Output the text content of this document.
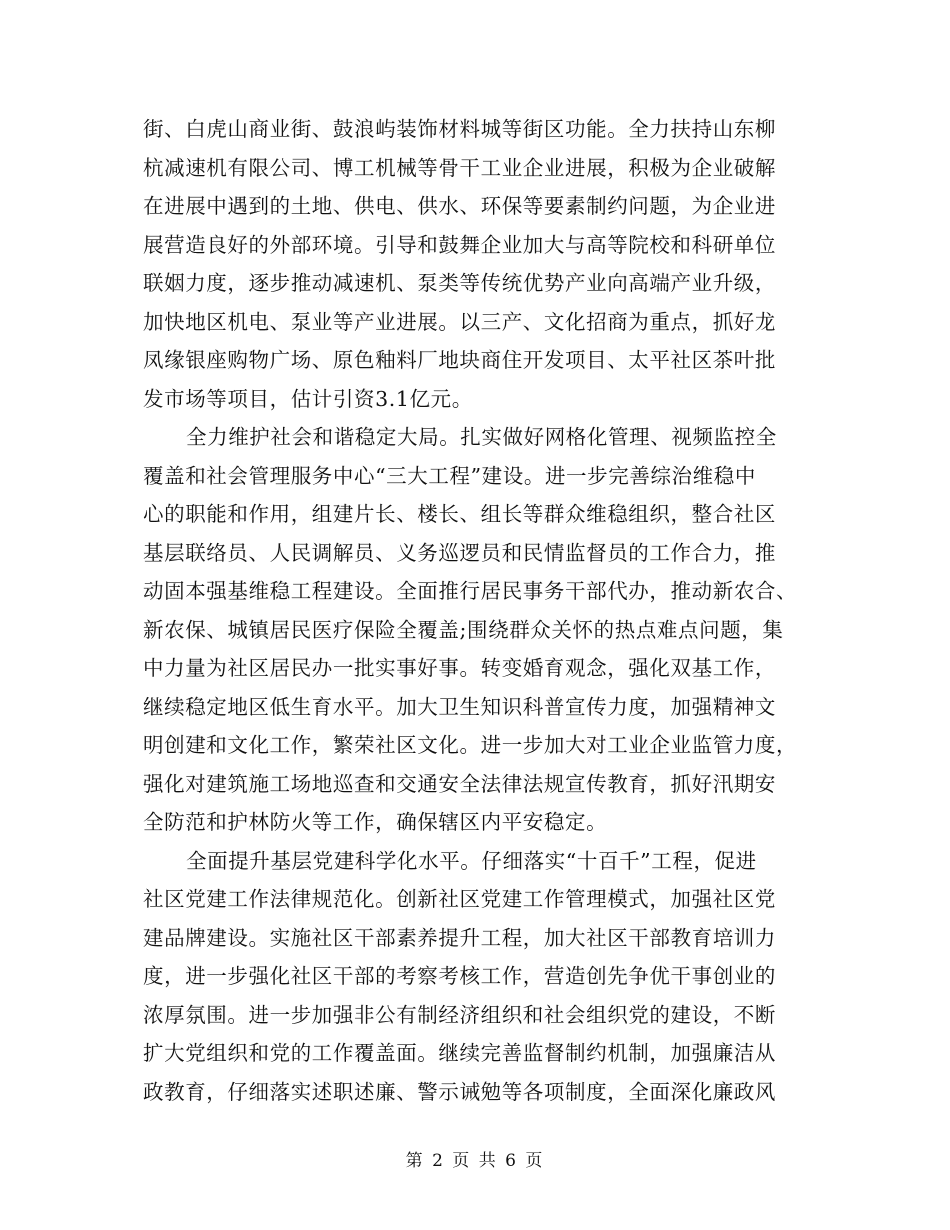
街、白虎山商业街、鼓浪屿装饰材料城等街区功能。全力扶持山东柳
杭减速机有限公司、博工机械等骨干工业企业进展，积极为企业破解
在进展中遇到的土地、供电、供水、环保等要素制约问题，为企业进
展营造良好的外部环境。引导和鼓舞企业加大与高等院校和科研单位
联姻力度，逐步推动减速机、泵类等传统优势产业向高端产业升级，
加快地区机电、泵业等产业进展。以三产、文化招商为重点，抓好龙
凤缘银座购物广场、原色釉料厂地块商住开发项目、太平社区茶叶批
发市场等项目，估计引资3.1亿元。
全力维护社会和谐稳定大局。扎实做好网格化管理、视频监控全
覆盖和社会管理服务中心“三大工程”建设。进一步完善综治维稳中
心的职能和作用，组建片长、楼长、组长等群众维稳组织，整合社区
基层联络员、人民调解员、义务巡逻员和民情监督员的工作合力，推
动固本强基维稳工程建设。全面推行居民事务干部代办，推动新农合、
新农保、城镇居民医疗保险全覆盖;围绕群众关怀的热点难点问题，集
中力量为社区居民办一批实事好事。转变婚育观念，强化双基工作，
继续稳定地区低生育水平。加大卫生知识科普宣传力度，加强精神文
明创建和文化工作，繁荣社区文化。进一步加大对工业企业监管力度，
强化对建筑施工场地巡查和交通安全法律法规宣传教育，抓好汛期安
全防范和护林防火等工作，确保辖区内平安稳定。
全面提升基层党建科学化水平。仔细落实“十百千”工程，促进
社区党建工作法律规范化。创新社区党建工作管理模式，加强社区党
建品牌建设。实施社区干部素养提升工程，加大社区干部教育培训力
度，进一步强化社区干部的考察考核工作，营造创先争优干事创业的
浓厚氛围。进一步加强非公有制经济组织和社会组织党的建设，不断
扩大党组织和党的工作覆盖面。继续完善监督制约机制，加强廉洁从
政教育，仔细落实述职述廉、警示诫勉等各项制度，全面深化廉政风
第 2 页 共 6 页
